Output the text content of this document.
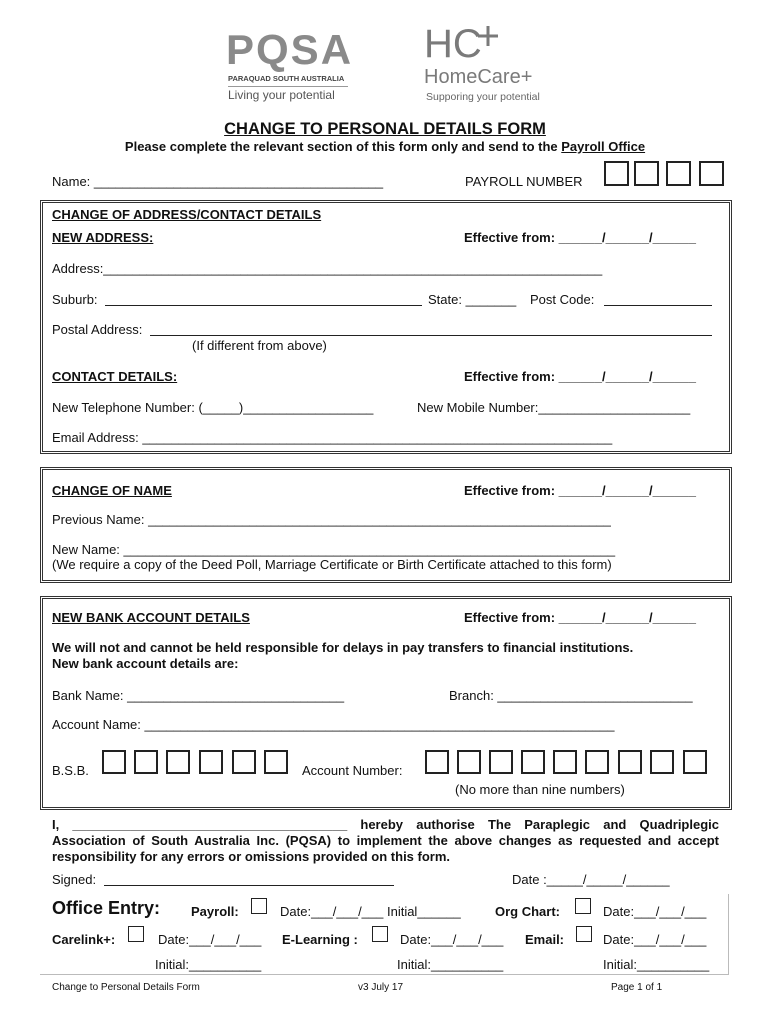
PQSA
PARAQUAD SOUTH AUSTRALIA
Living your potential
HC
HomeCare+
Supporing your potential
CHANGE TO PERSONAL DETAILS FORM
Please complete the relevant section of this form only and send to the Payroll Office
Name: ________________________________________	PAYROLL NUMBER
CHANGE OF ADDRESS/CONTACT DETAILS
NEW ADDRESS:	Effective from: ______/______/______
Address:_____________________________________________________________________
Suburb:	State: _______ Post Code:
Postal Address:
(If different from above)
CONTACT DETAILS:	Effective from: ______/______/______
New Telephone Number: (_____)__________________	New Mobile Number:_____________________
Email Address: _________________________________________________________________
CHANGE OF NAME	Effective from: ______/______/______
Previous Name: ________________________________________________________________
New Name: ____________________________________________________________________
(We require a copy of the Deed Poll, Marriage Certificate or Birth Certificate attached to this form)
NEW BANK ACCOUNT DETAILS	Effective from: ______/______/______
We will not and cannot be held responsible for delays in pay transfers to financial institutions.
New bank account details are:
Bank Name: ______________________________	Branch: ___________________________
Account Name: _________________________________________________________________
B.S.B.	Account Number:
(No more than nine numbers)
I, ______________________________________ hereby authorise The Paraplegic and Quadriplegic Association of South Australia Inc. (PQSA) to implement the above changes as requested and accept responsibility for any errors or omissions provided on this form.
Signed:	Date :_____/_____/______
Office Entry: Payroll:	Date:___/___/___ Initial______	Org Chart:	Date:___/___/___
Carelink+:	Date:___/___/___ E-Learning :	Date:___/___/___ Email:	Date:___/___/___
Initial:__________	Initial:__________	Initial:__________
Change to Personal Details Form	v3 July 17	Page 1 of 1
